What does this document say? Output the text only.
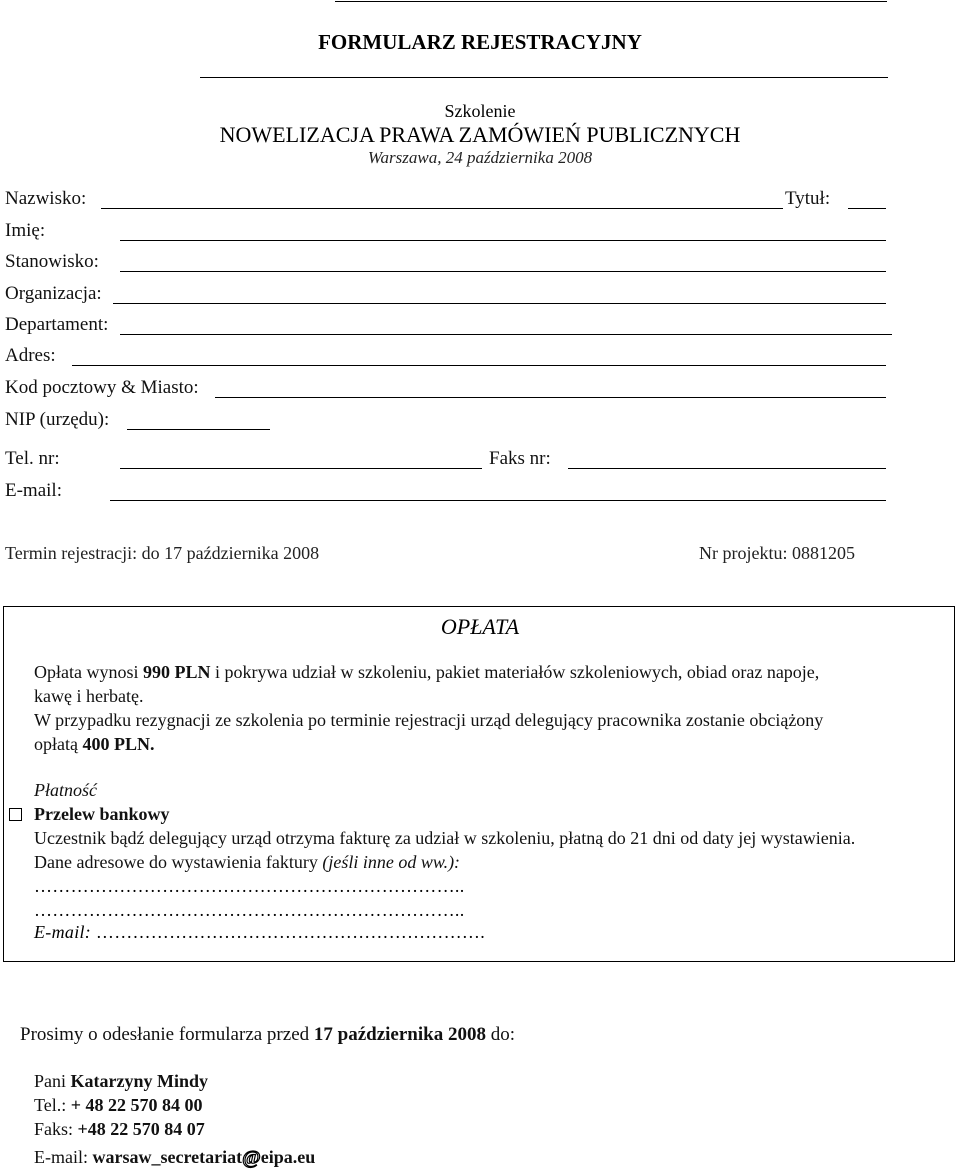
FORMULARZ REJESTRACYJNY
Szkolenie
NOWELIZACJA PRAWA ZAMÓWIEŃ PUBLICZNYCH
Warszawa, 24 października 2008
Nazwisko:	Tytuł:
Imię:
Stanowisko:
Organizacja:
Departament:
Adres:
Kod pocztowy & Miasto:
NIP (urzędu):
Tel. nr:	Faks nr:
E-mail:
Termin rejestracji: do 17 października 2008	Nr projektu: 0881205
OPŁATA
Opłata wynosi 990 PLN i pokrywa udział w szkoleniu, pakiet materiałów szkoleniowych, obiad oraz napoje,
kawę i herbatę.
W przypadku rezygnacji ze szkolenia po terminie rejestracji urząd delegujący pracownika zostanie obciążony
opłatą 400 PLN.
Płatność
Przelew bankowy
Uczestnik bądź delegujący urząd otrzyma fakturę za udział w szkoleniu, płatną do 21 dni od daty jej wystawienia.
Dane adresowe do wystawienia faktury (jeśli inne od ww.):
……………………………………………………………..
……………………………………………………………..
E-mail: ……………………………………………………….
Prosimy o odesłanie formularza przed 17 października 2008 do:
Pani Katarzyny Mindy
Tel.: + 48 22 570 84 00
Faks: +48 22 570 84 07
E-mail: warsaw_secretariat@eipa.eu
